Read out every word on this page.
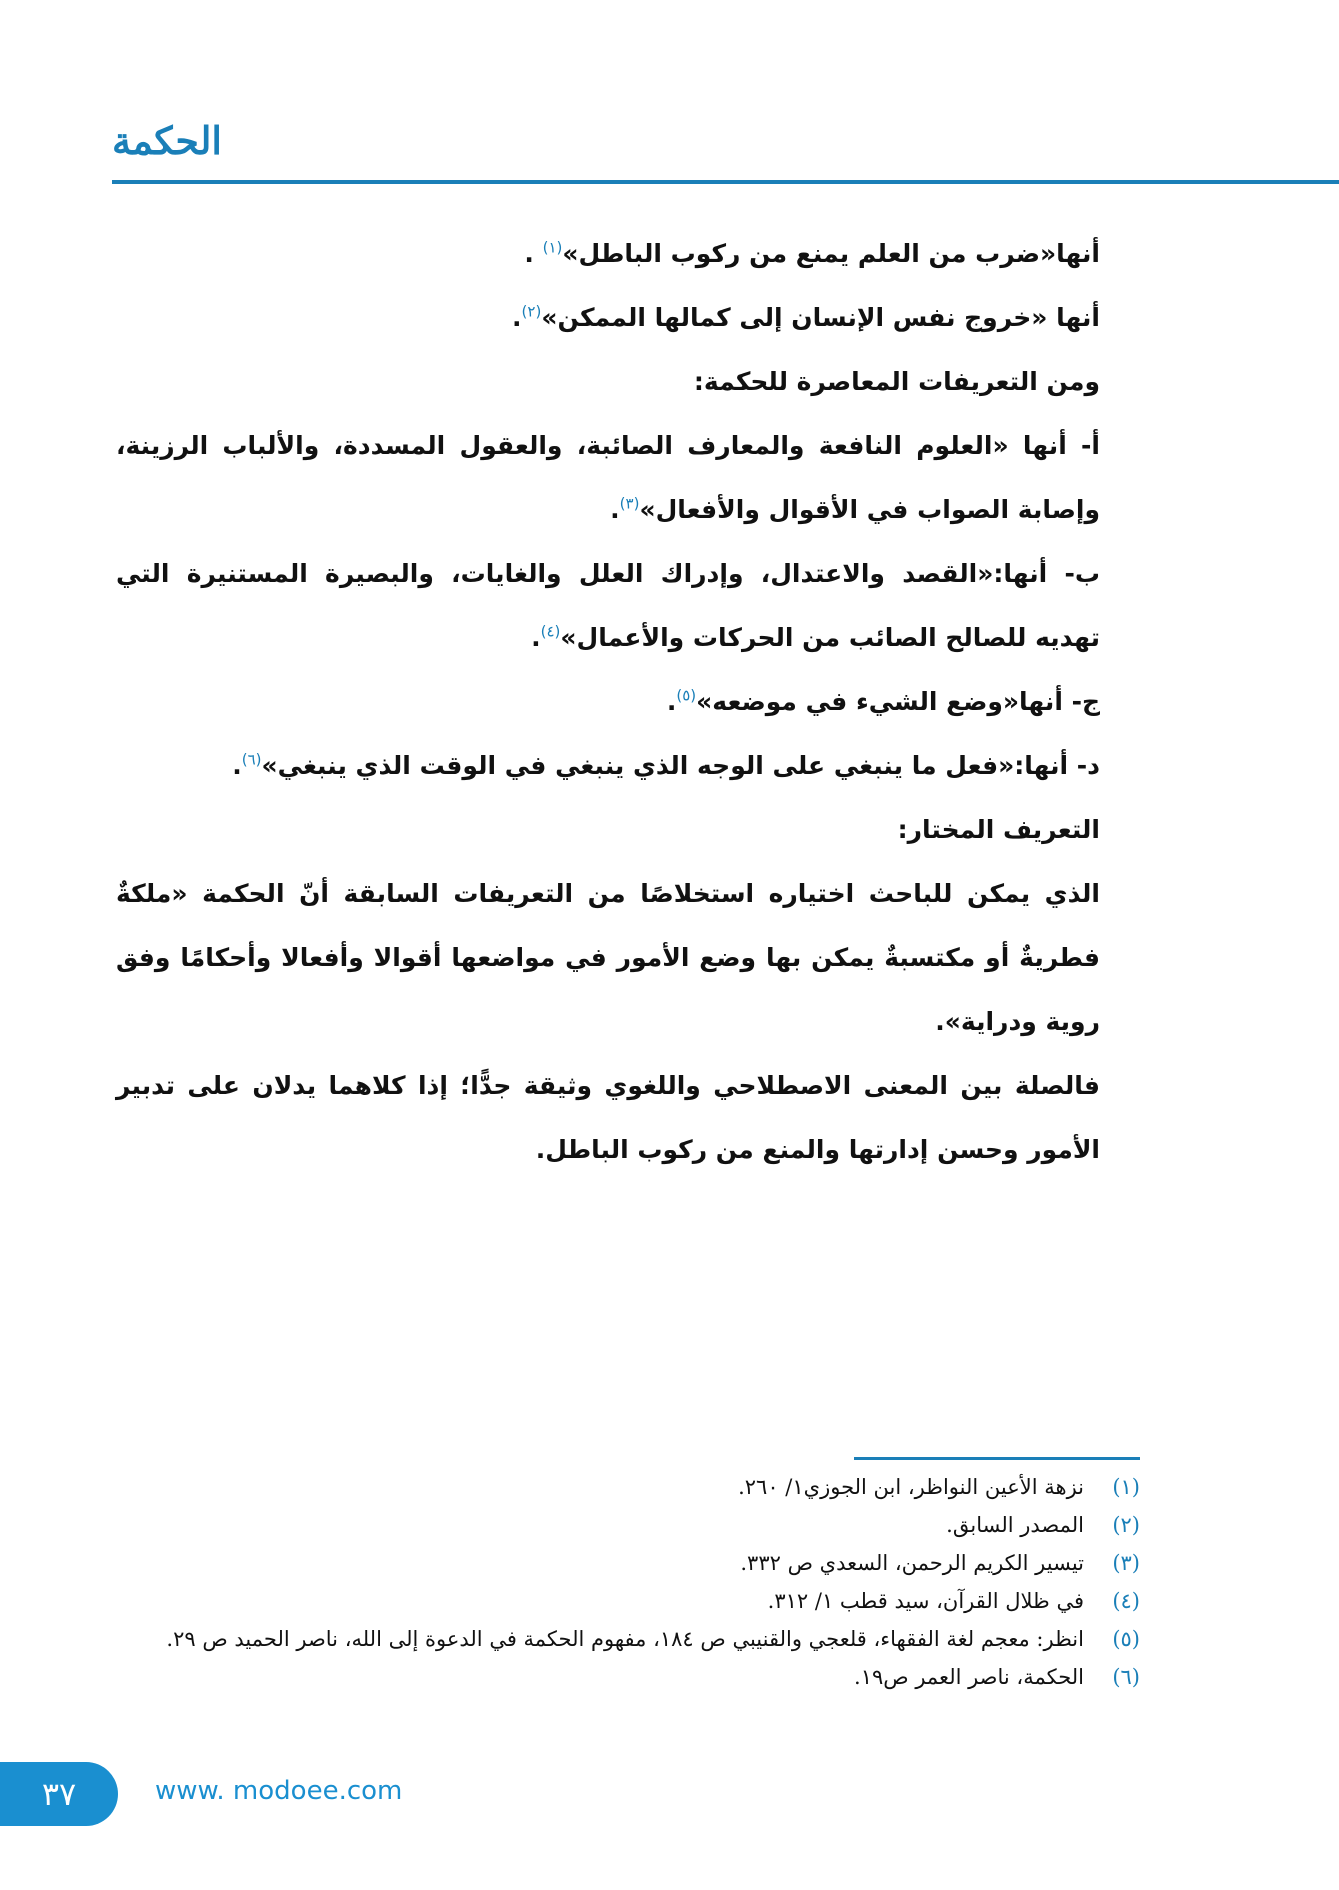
الحكمة

أنها«ضرب من العلم يمنع من ركوب الباطل»$^{(١)}$ .

أنها «خروج نفس الإنسان إلى كمالها الممكن»$^{(٢)}$.

ومن التعريفات المعاصرة للحكمة:

أ- أنها «العلوم النافعة والمعارف الصائبة، والعقول المسددة، والألباب الرزينة، وإصابة الصواب في الأقوال والأفعال»$^{(٣)}$.

ب- أنها:«القصد والاعتدال، وإدراك العلل والغايات، والبصيرة المستنيرة التي تهديه للصالح الصائب من الحركات والأعمال»$^{(٤)}$.

ج- أنها«وضع الشيء في موضعه»$^{(٥)}$.

د- أنها:«فعل ما ينبغي على الوجه الذي ينبغي في الوقت الذي ينبغي»$^{(٦)}$.

التعريف المختار:

الذي يمكن للباحث اختياره استخلاصًا من التعريفات السابقة أنّ الحكمة «ملكةٌ فطريةٌ أو مكتسبةٌ يمكن بها وضع الأمور في مواضعها أقوالا وأفعالا وأحكامًا وفق روية ودراية».

فالصلة بين المعنى الاصطلاحي واللغوي وثيقة جدًّا؛ إذا كلاهما يدلان على تدبير الأمور وحسن إدارتها والمنع من ركوب الباطل.

(١)
نزهة الأعين النواظر، ابن الجوزي١/ ٢٦٠.
(٢)
المصدر السابق.
(٣)
تيسير الكريم الرحمن، السعدي ص ٣٣٢.
(٤)
في ظلال القرآن، سيد قطب ١/ ٣١٢.
(٥)
انظر: معجم لغة الفقهاء، قلعجي والقنيبي ص ١٨٤، مفهوم الحكمة في الدعوة إلى الله، ناصر الحميد ص ٢٩.
(٦)
الحكمة، ناصر العمر ص١٩.
٣٧	www. modoee.com
